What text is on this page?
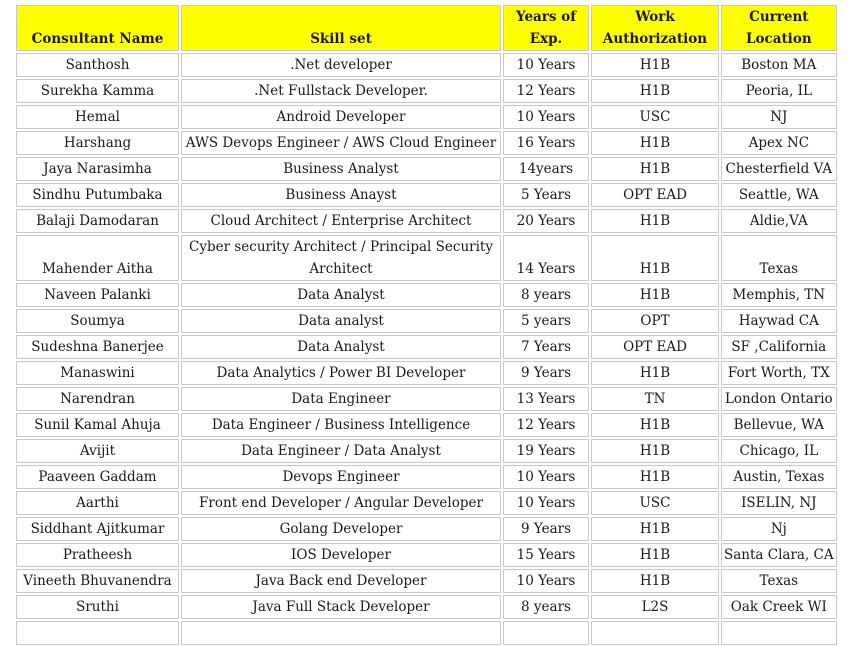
Consultant Name	Skill set	Years of Exp.	Work Authorization	Current Location
Santhosh	.Net developer	10 Years	H1B	Boston MA
Surekha Kamma	.Net Fullstack Developer.	12 Years	H1B	Peoria, IL
Hemal	Android Developer	10 Years	USC	NJ
Harshang	AWS Devops Engineer / AWS Cloud Engineer	16 Years	H1B	Apex NC
Jaya Narasimha	Business Analyst	14years	H1B	Chesterfield VA
Sindhu Putumbaka	Business Anayst	5 Years	OPT EAD	Seattle, WA
Balaji Damodaran	Cloud Architect / Enterprise Architect	20 Years	H1B	Aldie,VA
Mahender Aitha	Cyber security Architect / Principal Security Architect	14 Years	H1B	Texas
Naveen Palanki	Data Analyst	8 years	H1B	Memphis, TN
Soumya	Data analyst	5 years	OPT	Haywad CA
Sudeshna Banerjee	Data Analyst	7 Years	OPT EAD	SF ,California
Manaswini	Data Analytics / Power BI Developer	9 Years	H1B	Fort Worth, TX
Narendran	Data Engineer	13 Years	TN	London Ontario
Sunil Kamal Ahuja	Data Engineer / Business Intelligence	12 Years	H1B	Bellevue, WA
Avijit	Data Engineer / Data Analyst	19 Years	H1B	Chicago, IL
Paaveen Gaddam	Devops Engineer	10 Years	H1B	Austin, Texas
Aarthi	Front end Developer / Angular Developer	10 Years	USC	ISELIN, NJ
Siddhant Ajitkumar	Golang Developer	9 Years	H1B	Nj
Pratheesh	IOS Developer	15 Years	H1B	Santa Clara, CA
Vineeth Bhuvanendra	Java Back end Developer	10 Years	H1B	Texas
Sruthi	Java Full Stack Developer	8 years	L2S	Oak Creek WI
